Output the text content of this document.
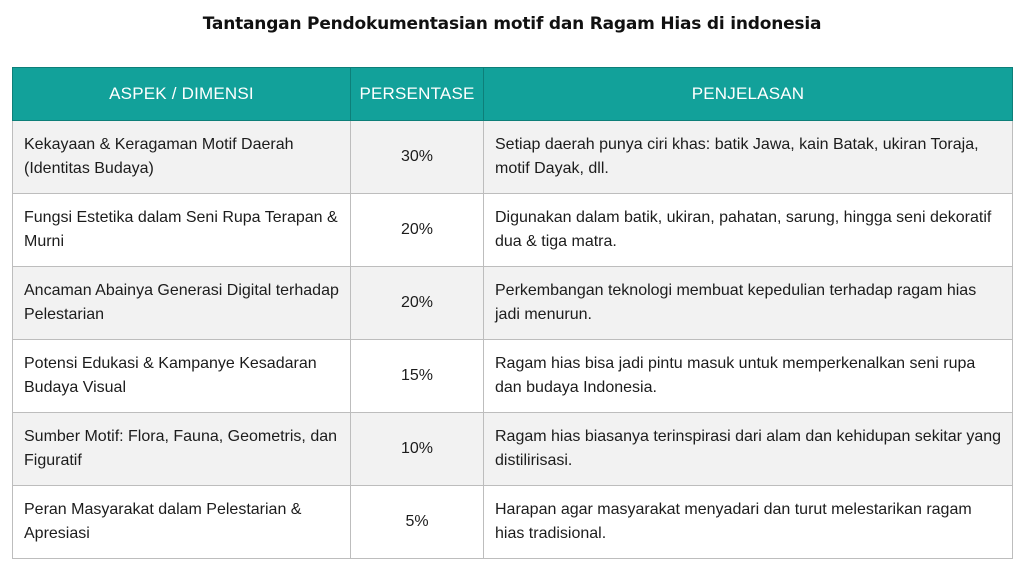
Tantangan Pendokumentasian motif dan Ragam Hias di indonesia
ASPEK / DIMENSI	PERSENTASE	PENJELASAN
Kekayaan & Keragaman Motif Daerah (Identitas Budaya)	30%	Setiap daerah punya ciri khas: batik Jawa, kain Batak, ukiran Toraja, motif Dayak, dll.
Fungsi Estetika dalam Seni Rupa Terapan & Murni	20%	Digunakan dalam batik, ukiran, pahatan, sarung, hingga seni dekoratif dua & tiga matra.
Ancaman Abainya Generasi Digital terhadap Pelestarian	20%	Perkembangan teknologi membuat kepedulian terhadap ragam hias jadi menurun.
Potensi Edukasi & Kampanye Kesadaran Budaya Visual	15%	Ragam hias bisa jadi pintu masuk untuk memperkenalkan seni rupa dan budaya Indonesia.
Sumber Motif: Flora, Fauna, Geometris, dan Figuratif	10%	Ragam hias biasanya terinspirasi dari alam dan kehidupan sekitar yang distilirisasi.
Peran Masyarakat dalam Pelestarian & Apresiasi	5%	Harapan agar masyarakat menyadari dan turut melestarikan ragam hias tradisional.
